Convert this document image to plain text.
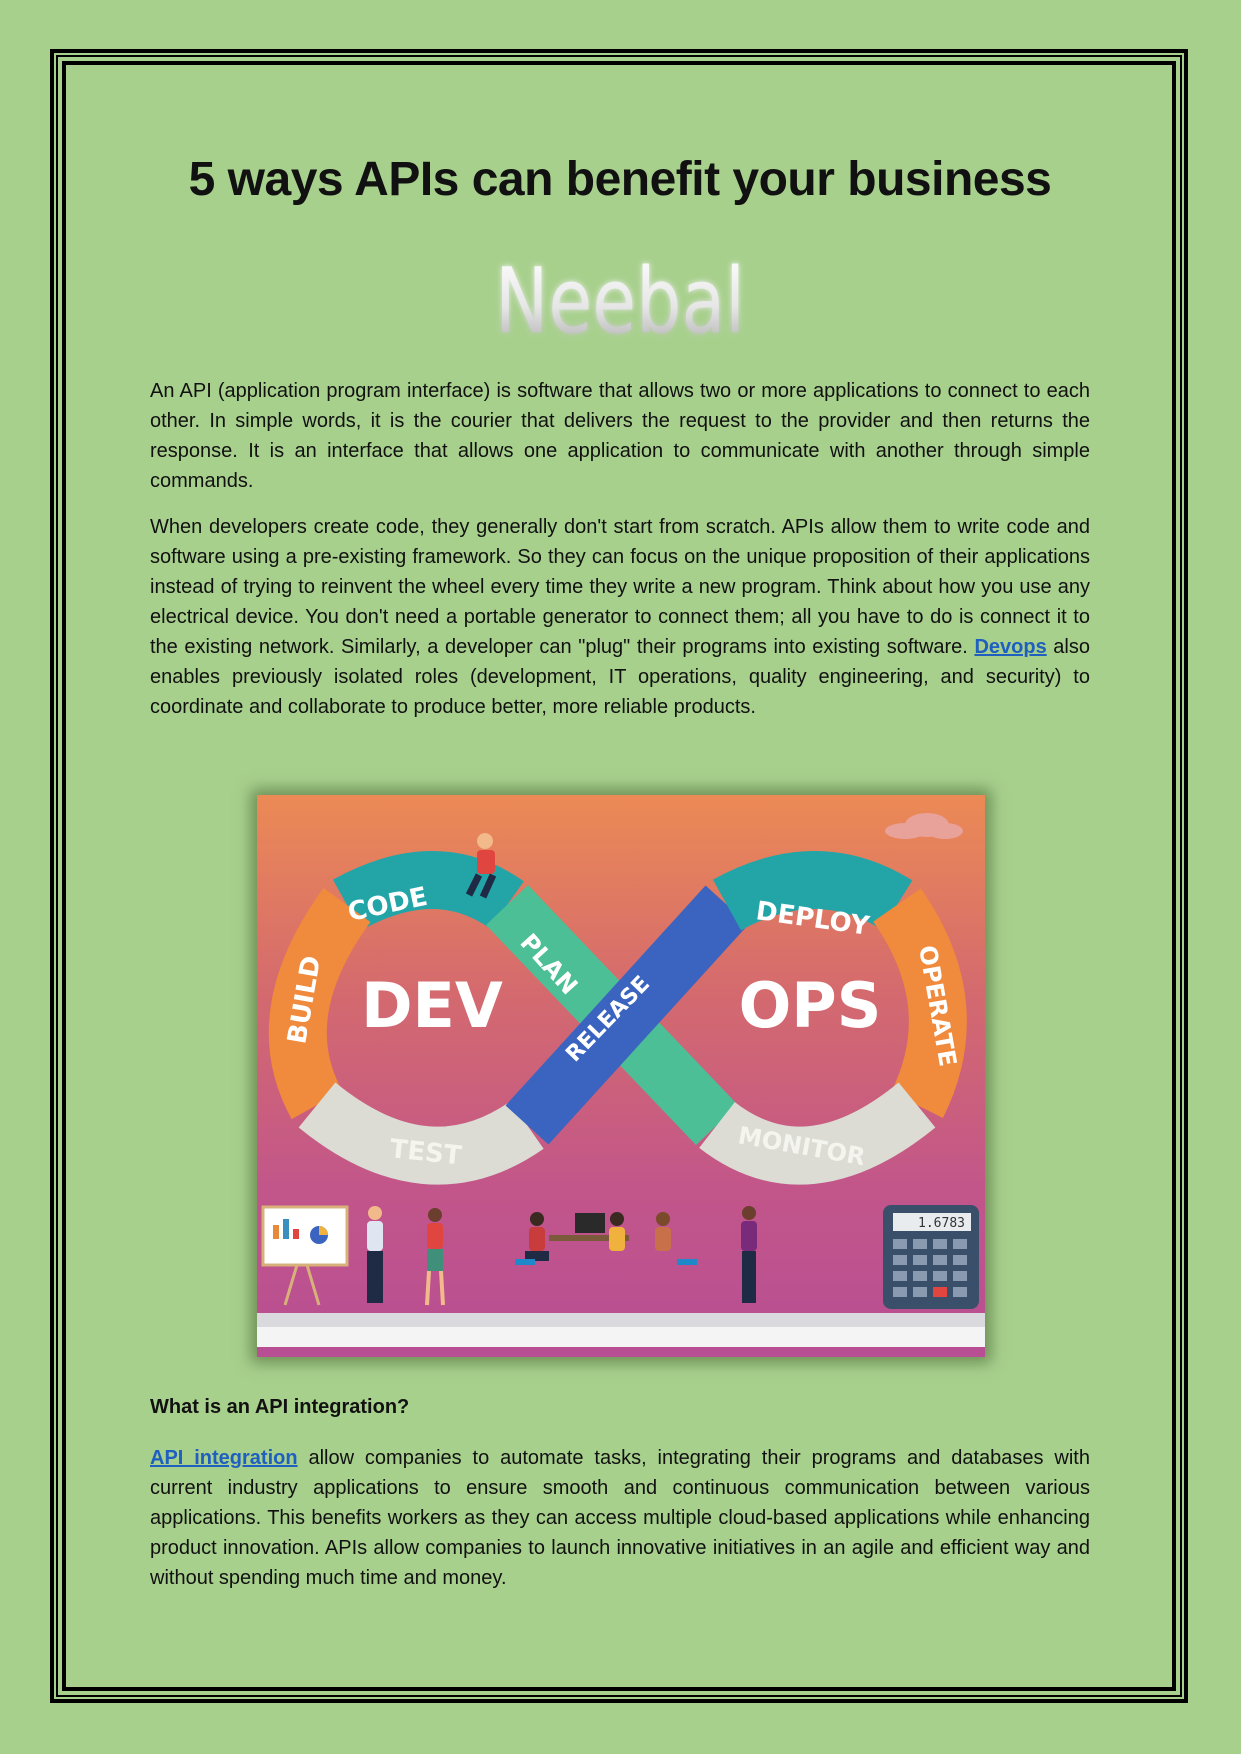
5 ways APIs can benefit your business
Neebal

An API (application program interface) is software that allows two or more applications to connect to each other. In simple words, it is the courier that delivers the request to the provider and then returns the response. It is an interface that allows one application to communicate with another through simple commands.

When developers create code, they generally don't start from scratch. APIs allow them to write code and software using a pre-existing framework. So they can focus on the unique proposition of their applications instead of trying to reinvent the wheel every time they write a new program. Think about how you use any electrical device. You don't need a portable generator to connect them; all you have to do is connect it to the existing network. Similarly, a developer can "plug" their programs into existing software. Devops also enables previously isolated roles (development, IT operations, quality engineering, and security) to coordinate and collaborate to produce better, more reliable products.

CODE
BUILD
TEST
PLAN
RELEASE
DEPLOY
OPERATE
MONITOR
DEV	OPS
1.6783

What is an API integration?

API integration allow companies to automate tasks, integrating their programs and databases with current industry applications to ensure smooth and continuous communication between various applications. This benefits workers as they can access multiple cloud-based applications while enhancing product innovation. APIs allow companies to launch innovative initiatives in an agile and efficient way and without spending much time and money.
